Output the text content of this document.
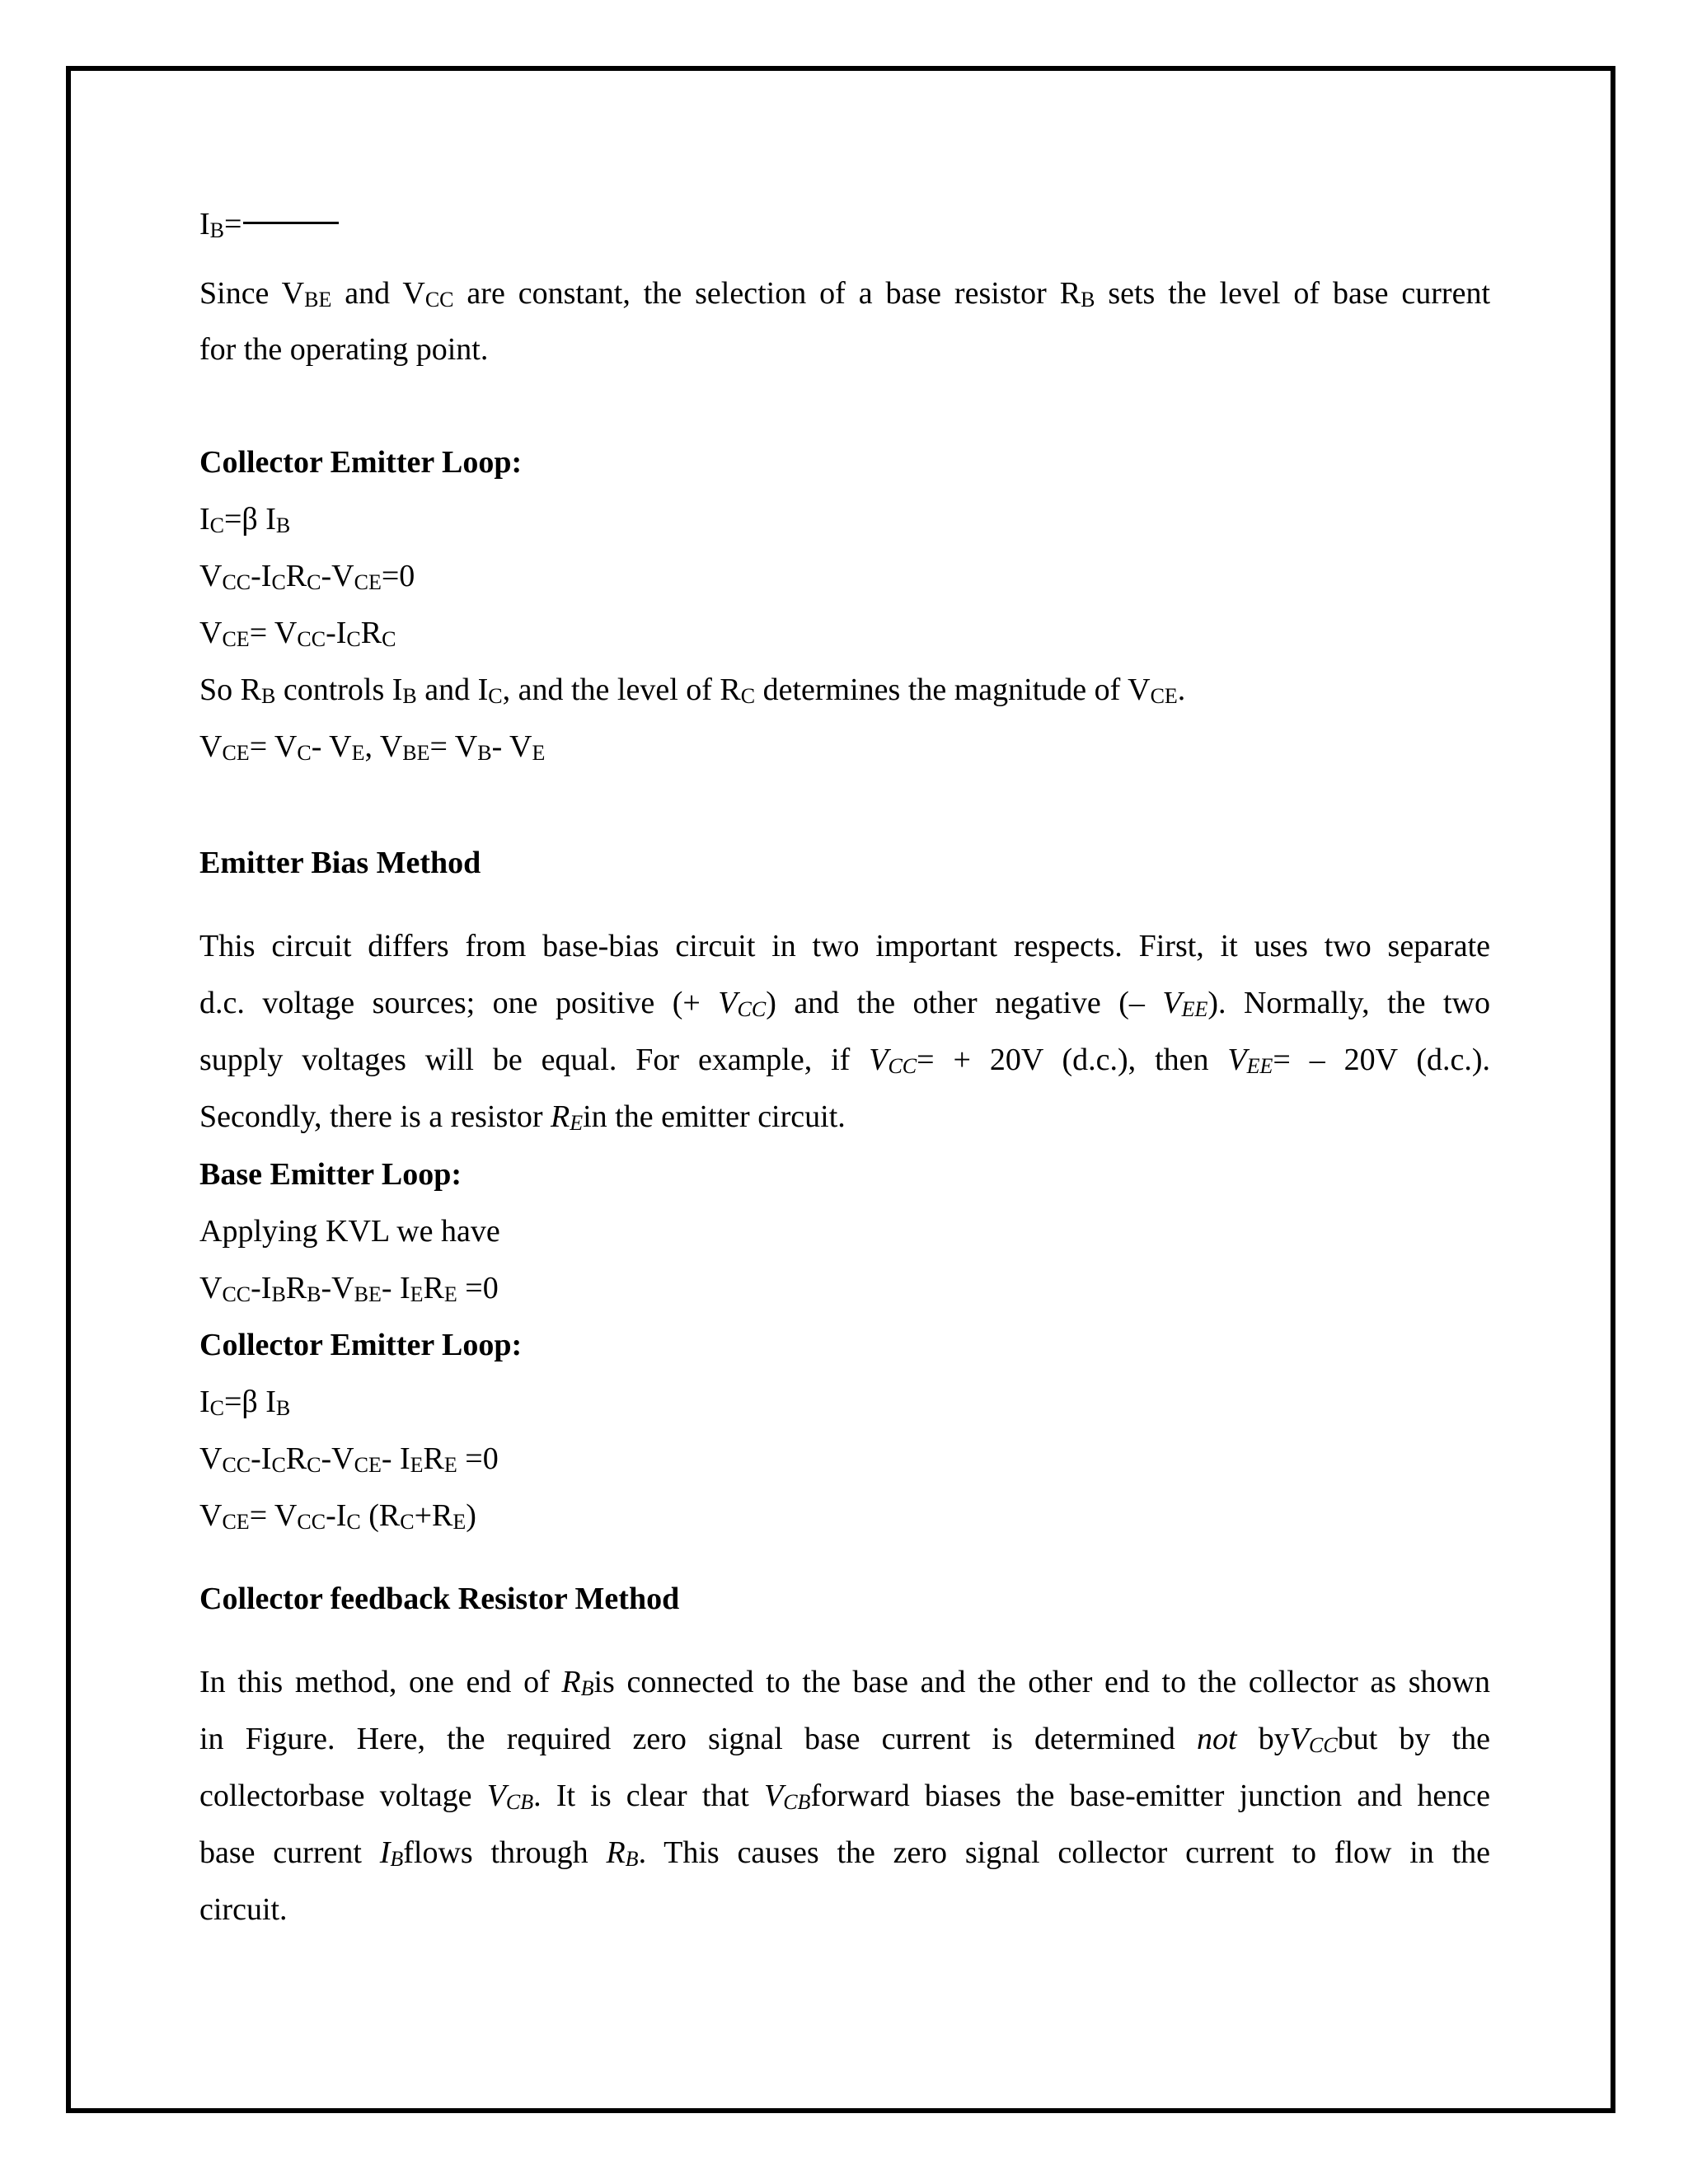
$I_B=$
Since $V_{BE}$ and $V_{CC}$ are constant, the selection of a base resistor $R_B$ sets the level of base current
for the operating point.
Collector Emitter Loop:
$I_C=\beta$ $I_B$
$V_{CC}-I_CR_C-V_{CE}=0$
$V_{CE}= V_{CC}-I_CR_C$
So $R_B$ controls $I_B$ and $I_C$, and the level of $R_C$ determines the magnitude of $V_{CE}$.
$V_{CE}= V_C-$ $V_E$, $V_{BE}= V_B-$ $V_E$
Emitter Bias Method
This circuit differs from base-bias circuit in two important respects. First, it uses two separate
d.c. voltage sources; one positive (+ $V_{CC}$) and the other negative (– $V_{EE}$). Normally, the two
supply voltages will be equal. For example, if $V_{CC}= + 20V$ (d.c.), then $V_{EE}= - 20V$ (d.c.).
Secondly, there is a resistor $R_Ein$ the emitter circuit.
Base Emitter Loop:
Applying KVL we have
$V_{CC}-I_BR_B-V_{BE}-$ $I_ER_E =0$
Collector Emitter Loop:
$I_C=\beta$ $I_B$
$V_{CC}-I_CR_C-V_{CE}-$ $I_ER_E =0$
$V_{CE}= V_{CC}-I_C$ $(R_C+R_E)$
Collector feedback Resistor Method
In this method, one end of $R_Bis$ connected to the base and the other end to the collector as shown
in Figure. Here, the required zero signal base current is determined not byV$_{CC}$but by the
collectorbase voltage $V_{CB}$. It is clear that $V_{CB}forward$ biases the base-emitter junction and hence
base current $I_Bflows$ through $R_B$. This causes the zero signal collector current to flow in the
circuit.
